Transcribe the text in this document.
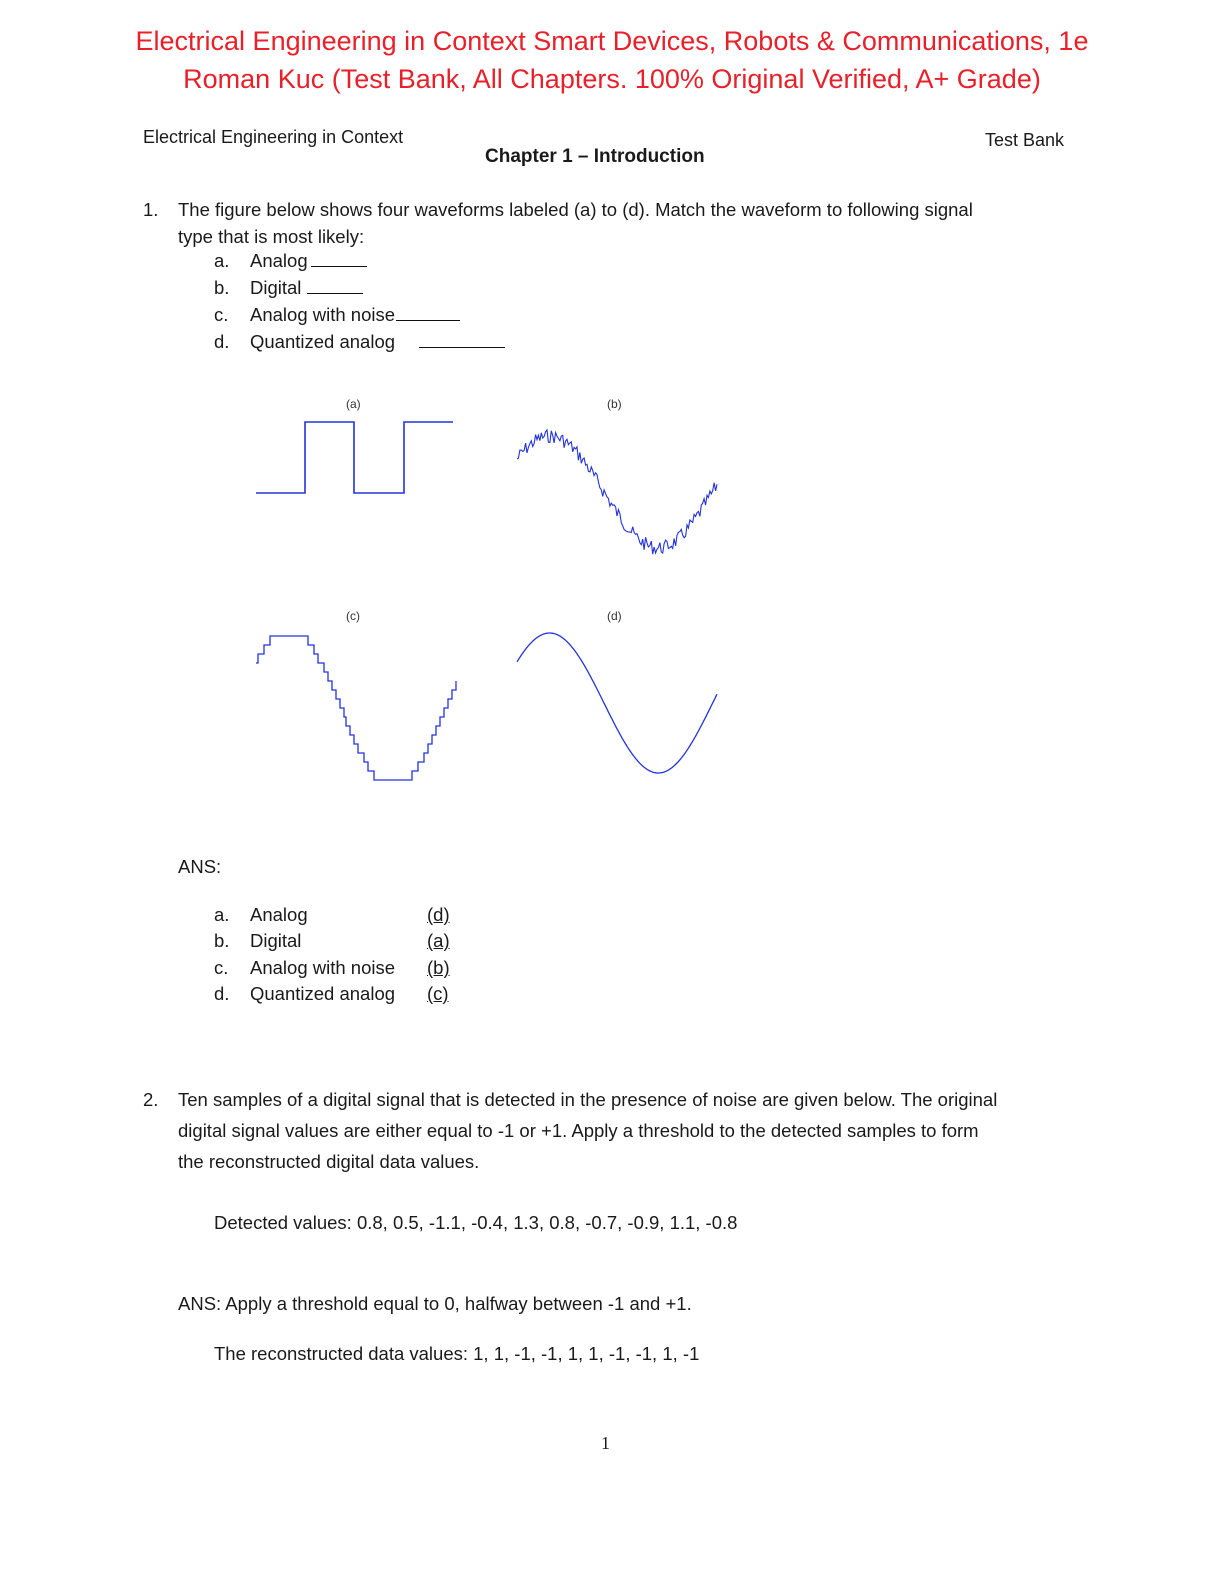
Electrical Engineering in Context Smart Devices, Robots & Communications, 1e
Roman Kuc (Test Bank, All Chapters. 100% Original Verified, A+ Grade)
Electrical Engineering in Context	Test Bank
Chapter 1 – Introduction
1. The figure below shows four waveforms labeled (a) to (d). Match the waveform to following signal
type that is most likely:
a. Analog
b. Digital
c. Analog with noise
d. Quantized analog
(a)	(b)
(c)	(d)
ANS:
a. Analog	(d)
b. Digital	(a)
c. Analog with noise (b)
d. Quantized analog (c)
2. Ten samples of a digital signal that is detected in the presence of noise are given below. The original
digital signal values are either equal to -1 or +1. Apply a threshold to the detected samples to form
the reconstructed digital data values.
Detected values: 0.8, 0.5, -1.1, -0.4, 1.3, 0.8, -0.7, -0.9, 1.1, -0.8
ANS: Apply a threshold equal to 0, halfway between -1 and +1.
The reconstructed data values: 1, 1, -1, -1, 1, 1, -1, -1, 1, -1
1
